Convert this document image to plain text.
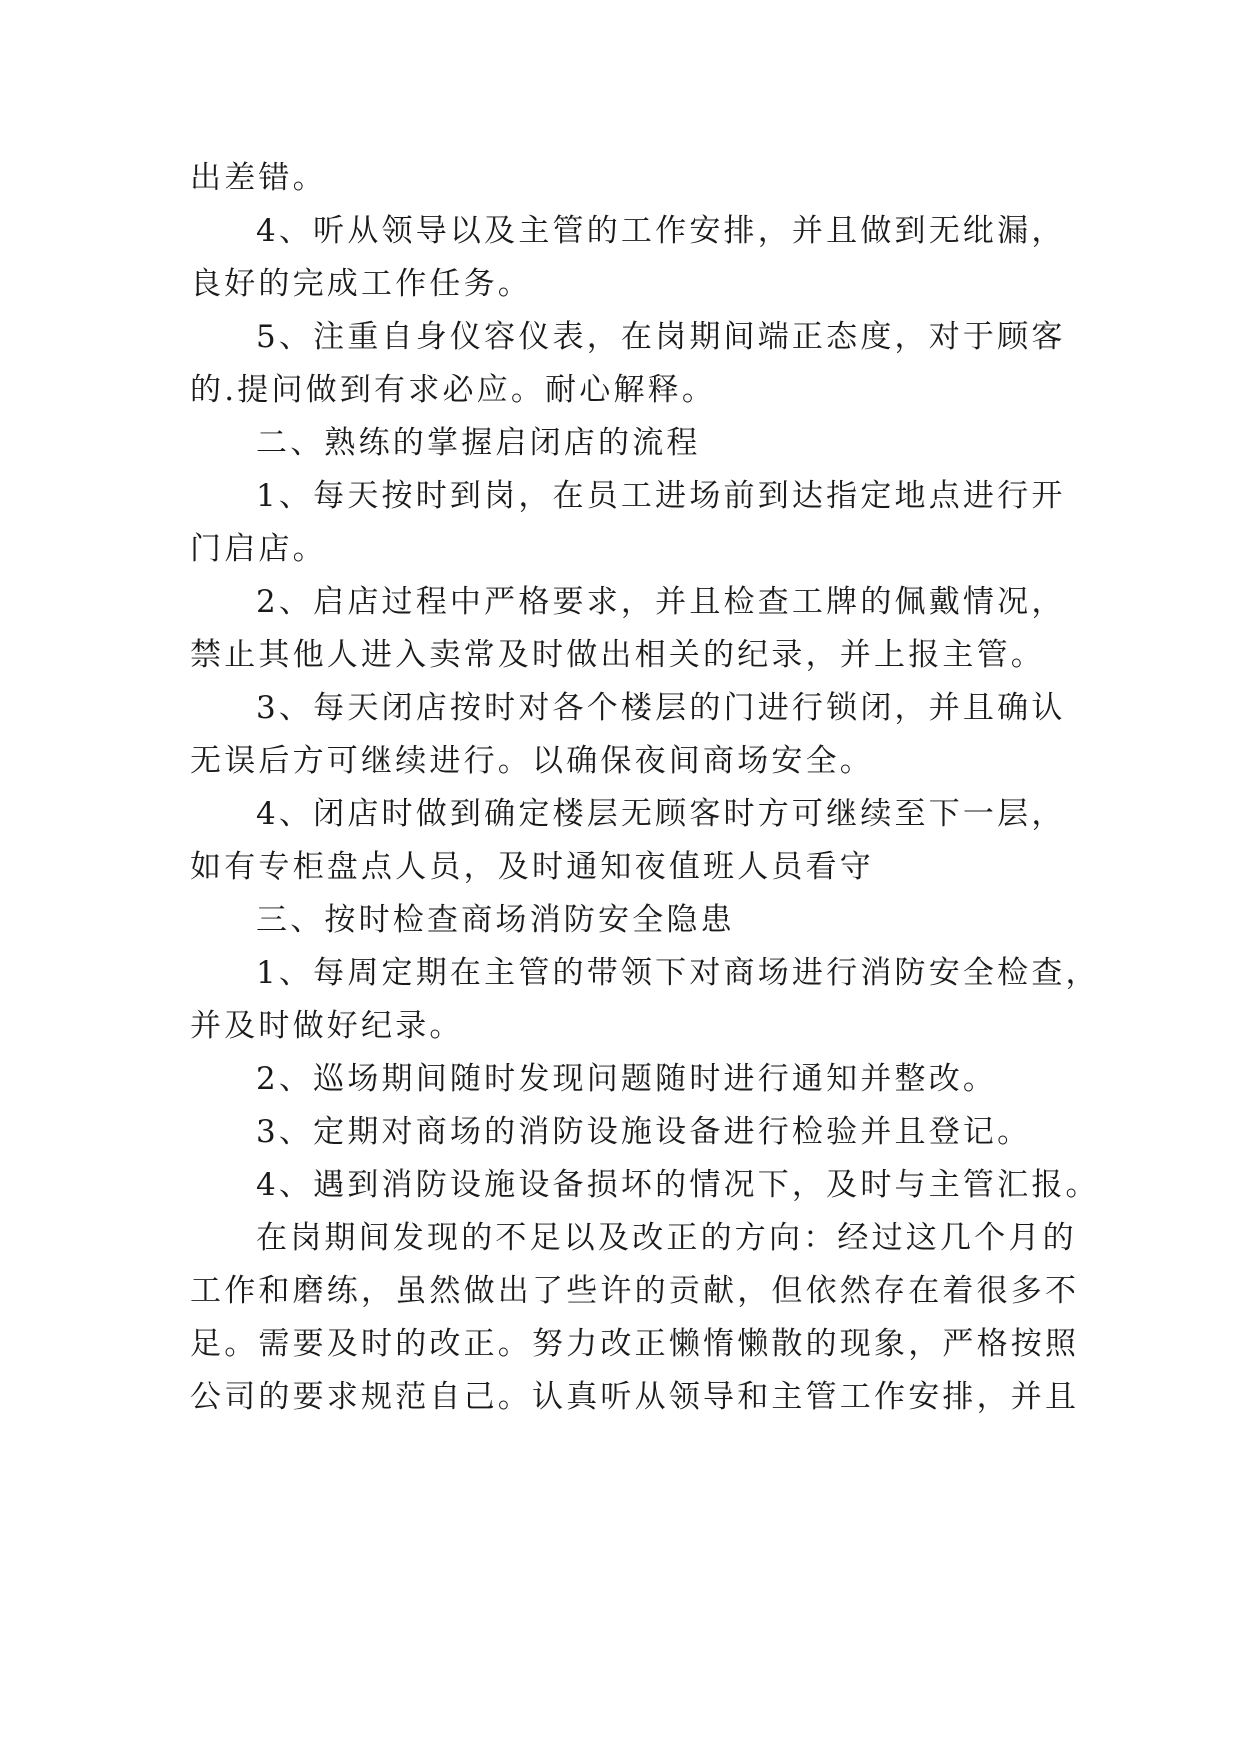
出差错。
4、听从领导以及主管的工作安排，并且做到无纰漏，
良好的完成工作任务。
5、注重自身仪容仪表，在岗期间端正态度，对于顾客
的.提问做到有求必应。耐心解释。
二、熟练的掌握启闭店的流程
1、每天按时到岗，在员工进场前到达指定地点进行开
门启店。
2、启店过程中严格要求，并且检查工牌的佩戴情况，
禁止其他人进入卖常及时做出相关的纪录，并上报主管。
3、每天闭店按时对各个楼层的门进行锁闭，并且确认
无误后方可继续进行。以确保夜间商场安全。
4、闭店时做到确定楼层无顾客时方可继续至下一层，
如有专柜盘点人员，及时通知夜值班人员看守
三、按时检查商场消防安全隐患
1、每周定期在主管的带领下对商场进行消防安全检查，
并及时做好纪录。
2、巡场期间随时发现问题随时进行通知并整改。
3、定期对商场的消防设施设备进行检验并且登记。
4、遇到消防设施设备损坏的情况下，及时与主管汇报。
在岗期间发现的不足以及改正的方向：经过这几个月的
工作和磨练，虽然做出了些许的贡献，但依然存在着很多不
足。需要及时的改正。努力改正懒惰懒散的现象，严格按照
公司的要求规范自己。认真听从领导和主管工作安排，并且
